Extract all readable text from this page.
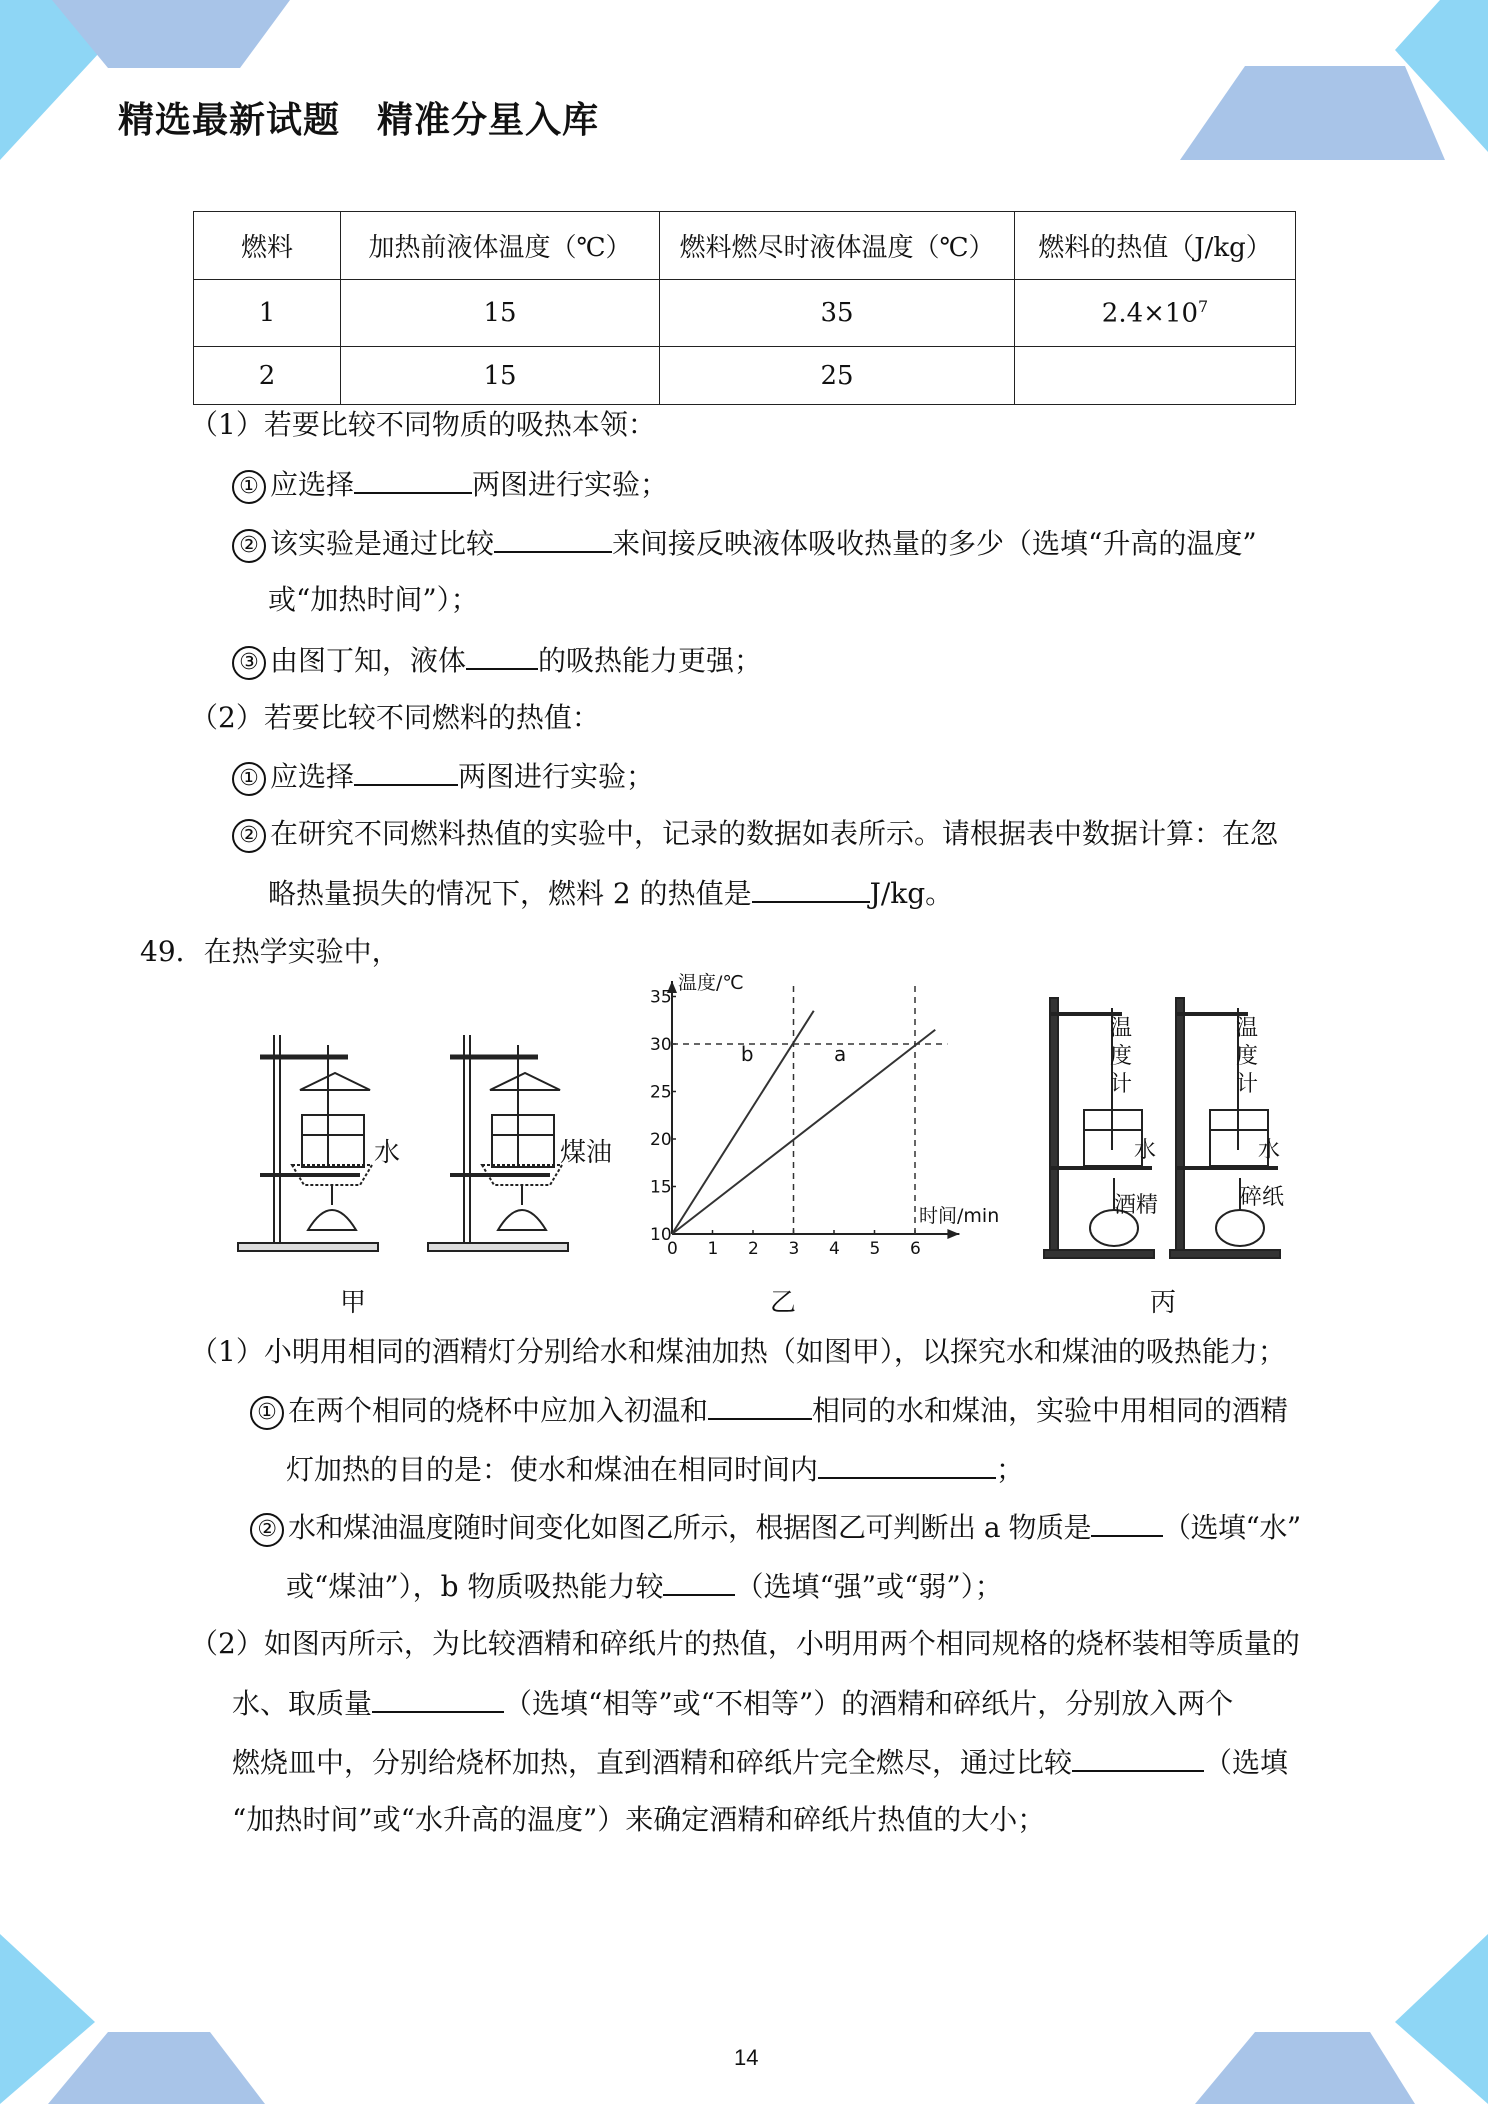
精选最新试题　精准分星入库
燃料	加热前液体温度（℃）	燃料燃尽时液体温度（℃）	燃料的热值（J/kg）
1	15	35	$2.4\times 10^7$
2	15	25	
（1）若要比较不同物质的吸热本领：
① 应选择	两图进行实验；
② 该实验是通过比较	来间接反映液体吸收热量的多少（选填“升高的温度”
或“加热时间”）；
③ 由图丁知，液体	的吸热能力更强；
（2）若要比较不同燃料的热值：
① 应选择	两图进行实验；
② 在研究不同燃料热值的实验中，记录的数据如表所示。请根据表中数据计算：在忽
略热量损失的情况下，燃料 2 的热值是	J/kg。
49．在热学实验中，
水	煤油
甲
0 1 2 3 4 5 6
10
15
20
25
30
35
b	a
温度/℃
时间/min
乙
温
度
计
温
度
计
水	水
酒精	碎纸
丙
（1）小明用相同的酒精灯分别给水和煤油加热（如图甲），以探究水和煤油的吸热能力；
① 在两个相同的烧杯中应加入初温和	相同的水和煤油，实验中用相同的酒精
灯加热的目的是：使水和煤油在相同时间内	；
② 水和煤油温度随时间变化如图乙所示，根据图乙可判断出 a 物质是	（选填“水”
或“煤油”），b 物质吸热能力较	（选填“强”或“弱”）；
（2）如图丙所示，为比较酒精和碎纸片的热值，小明用两个相同规格的烧杯装相等质量的
水、取质量	（选填“相等”或“不相等”）的酒精和碎纸片，分别放入两个
燃烧皿中，分别给烧杯加热，直到酒精和碎纸片完全燃尽，通过比较	（选填
“加热时间”或“水升高的温度”）来确定酒精和碎纸片热值的大小；
14
